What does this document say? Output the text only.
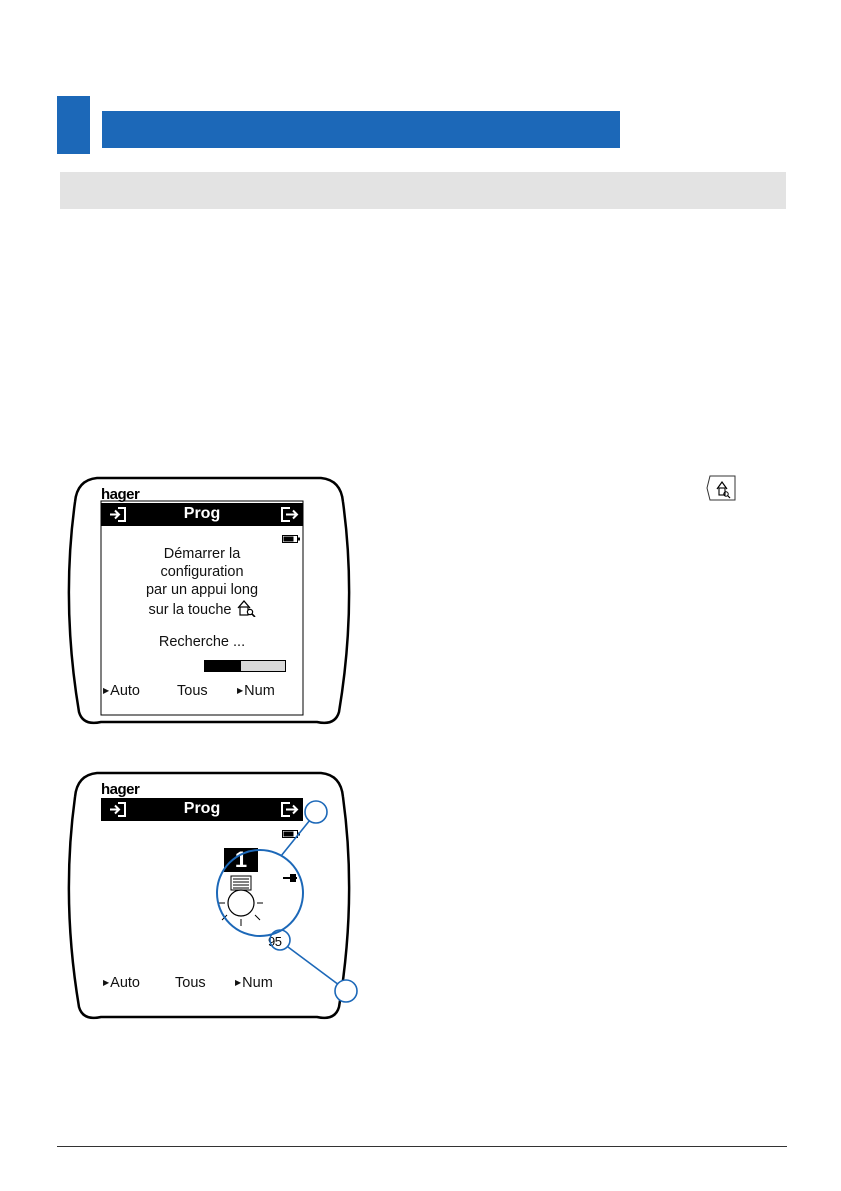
hager
Prog
Démarrer la
configuration
par un appui long
sur la touche
Recherche ...
▶Auto	Tous	▶Num
hager
Prog
1
95
▶Auto Tous	▶Num
